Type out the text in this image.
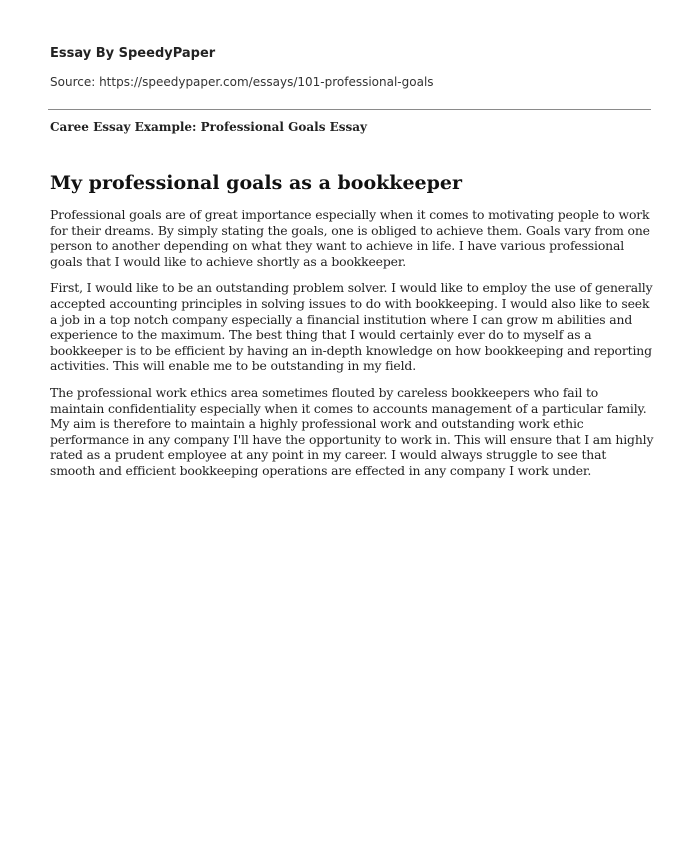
Essay By SpeedyPaper
Source: https://speedypaper.com/essays/101-professional-goals
Caree Essay Example: Professional Goals Essay
My professional goals as a bookkeeper

Professional goals are of great importance especially when it comes to motivating people to work for their dreams. By simply stating the goals, one is obliged to achieve them. Goals vary from one person to another depending on what they want to achieve in life. I have various professional goals that I would like to achieve shortly as a bookkeeper.

First, I would like to be an outstanding problem solver. I would like to employ the use of generally accepted accounting principles in solving issues to do with bookkeeping. I would also like to seek a job in a top notch company especially a financial institution where I can grow m abilities and experience to the maximum. The best thing that I would certainly ever do to myself as a bookkeeper is to be efficient by having an in-depth knowledge on how bookkeeping and reporting activities. This will enable me to be outstanding in my field.

The professional work ethics area sometimes flouted by careless bookkeepers who fail to maintain confidentiality especially when it comes to accounts management of a particular family. My aim is therefore to maintain a highly professional work and outstanding work ethic performance in any company I'll have the opportunity to work in. This will ensure that I am highly rated as a prudent employee at any point in my career. I would always struggle to see that smooth and efficient bookkeeping operations are effected in any company I work under.
